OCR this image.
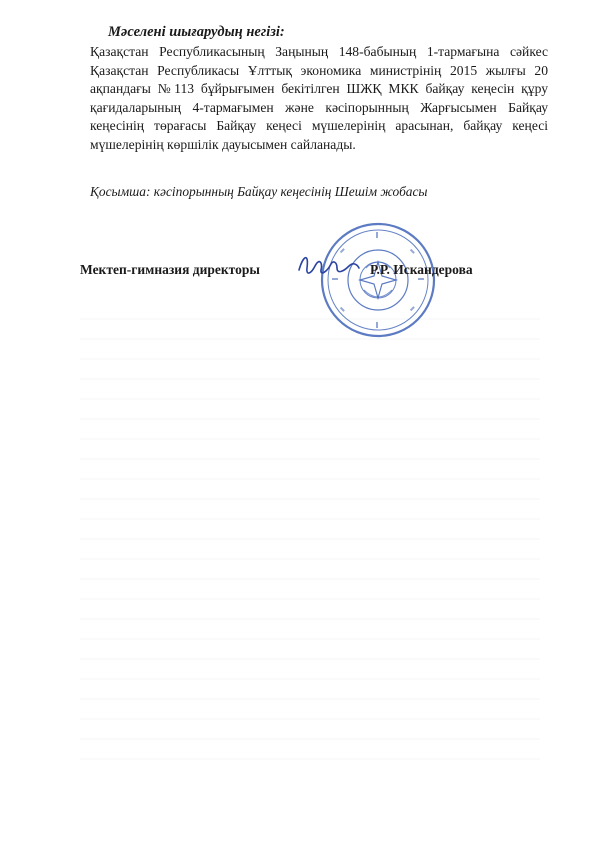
Мәселені шығарудың негізі:
Қазақстан Республикасының Заңының 148-бабының 1-тармағына сәйкес Қазақстан Республикасы Ұлттық экономика министрінің 2015 жылғы 20 ақпандағы №113 бұйрығымен бекітілген ШЖҚ МКК байқау кеңесін құру қағидаларының 4-тармағымен және кәсіпорынның Жарғысымен Байқау кеңесінің төрағасы Байқау кеңесі мүшелерінің арасынан, байқау кеңесі мүшелерінің көршілік дауысымен сайланады.
Қосымша: кәсіпорынның Байқау кеңесінің Шешім жобасы
Мектеп-гимназия директоры	Р.Р. Искандерова
